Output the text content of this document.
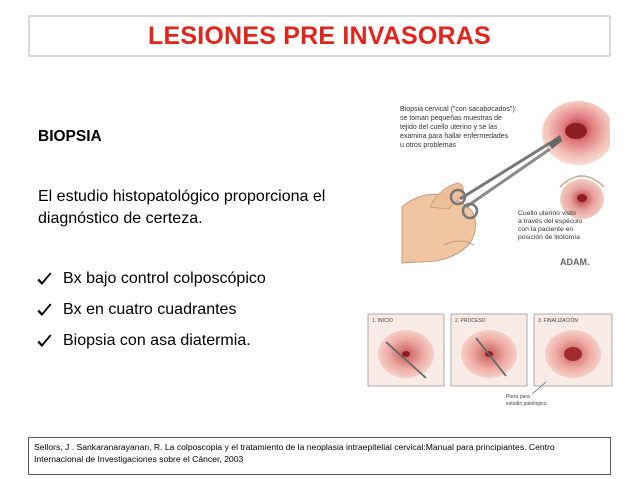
LESIONES PRE INVASORAS
BIOPSIA
El estudio histopatológico proporciona el diagnóstico de certeza.
Bx bajo control colposcópico
Bx en cuatro cuadrantes
Biopsia con asa diatermia.
Biopsia cervical ("con sacabocados"):
se toman pequeñas muestras de
tejido del cuello uterino y se las
examina para hallar enfermedades
u otros problemas
Cuello uterino visto
a través del espéculo
con la paciente en
posición de litotomía
ADAM.
1. INICIO	2. PROCESO	3. FINALIZACIÓN
Pieza para
estudio patológico.
Sellors, J . Sankaranarayanan, R. La colposcopia y el tratamiento de la neoplasia intraepitelial cervical:Manual para principiantes. Centro Internacional de Investigaciones sobre el Cáncer, 2003
